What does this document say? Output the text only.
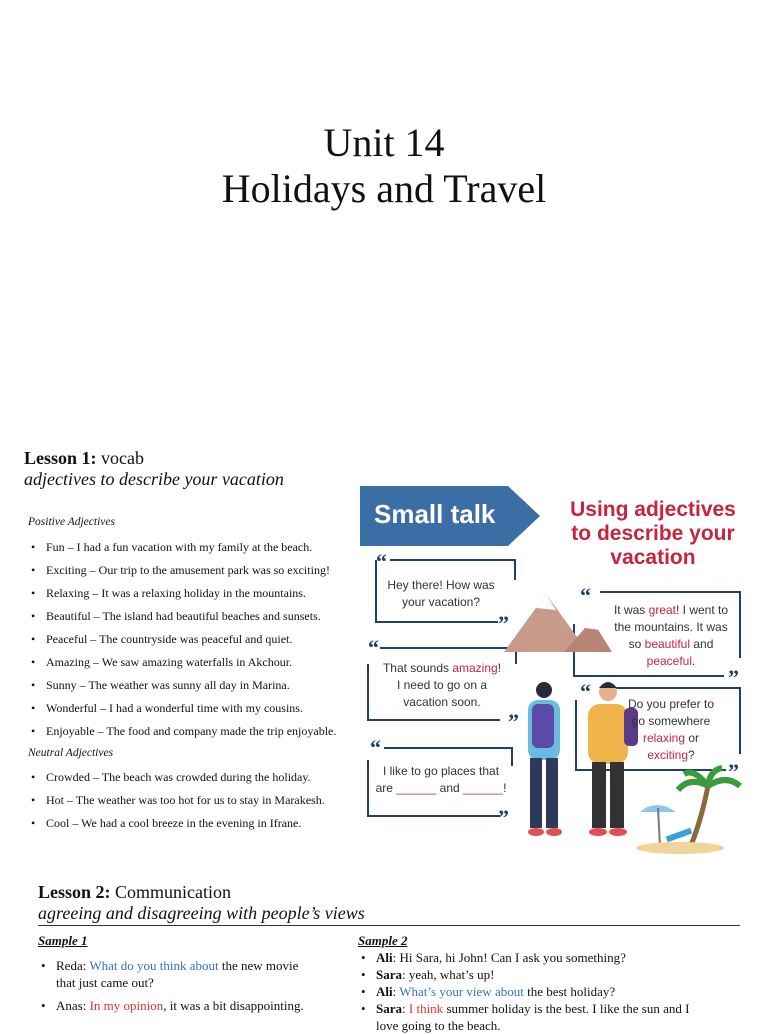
Unit 14
Holidays and Travel
Lesson 1: vocab
adjectives to describe your vacation
Positive Adjectives
• Fun – I had a fun vacation with my family at the beach.
• Exciting – Our trip to the amusement park was so exciting!
• Relaxing – It was a relaxing holiday in the mountains.
• Beautiful – The island had beautiful beaches and sunsets.
• Peaceful – The countryside was peaceful and quiet.
• Amazing – We saw amazing waterfalls in Akchour.
• Sunny – The weather was sunny all day in Marina.
• Wonderful – I had a wonderful time with my cousins.
• Enjoyable – The food and company made the trip enjoyable.
Neutral Adjectives
• Crowded – The beach was crowded during the holiday.
• Hot – The weather was too hot for us to stay in Marakesh.
• Cool – We had a cool breeze in the evening in Ifrane.
Small talk	Using adjectives
to describe your
vacation
“
”
“
”
“
”
“
”
“
”
Hey there! How was
your vacation?
It was great! I went to
the mountains. It was
so beautiful and
peaceful.
That sounds amazing!
I need to go on a
vacation soon.	Do you prefer to
go somewhere
relaxing or
exciting?
I like to go places that
are ______ and ______!
Lesson 2: Communication
agreeing and disagreeing with people’s views
Sample 1
• Reda: What do you think about the new movie
that just came out?
• Anas: In my opinion, it was a bit disappointing.
Sample 2
• Ali: Hi Sara, hi John! Can I ask you something?
• Sara: yeah, what’s up!
• Ali: What’s your view about the best holiday?
• Sara: I think summer holiday is the best. I like the sun and I
love going to the beach.
